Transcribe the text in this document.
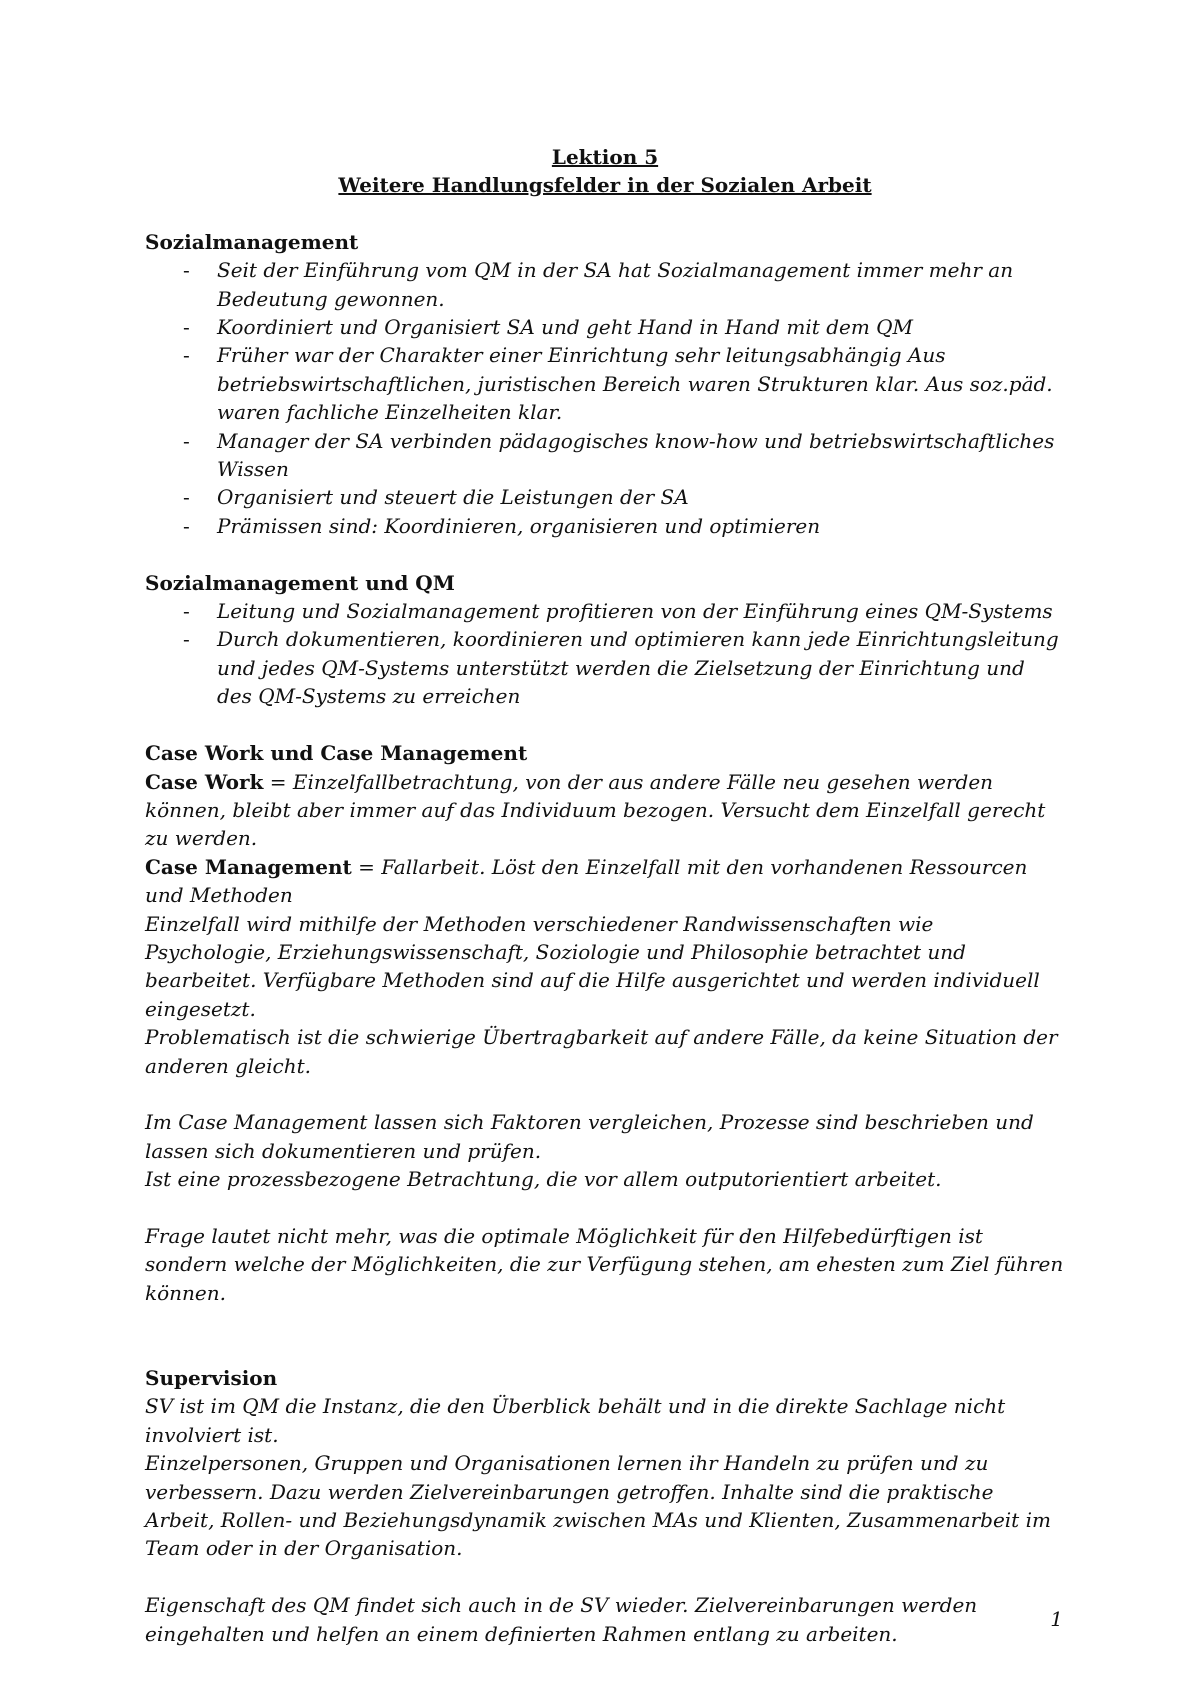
Lektion 5
Weitere Handlungsfelder in der Sozialen Arbeit
Sozialmanagement
- Seit der Einführung vom QM in der SA hat Sozialmanagement immer mehr an Bedeutung gewonnen.
- Koordiniert und Organisiert SA und geht Hand in Hand mit dem QM
- Früher war der Charakter einer Einrichtung sehr leitungsabhängig Aus betriebswirtschaftlichen, juristischen Bereich waren Strukturen klar. Aus soz.päd. waren fachliche Einzelheiten klar.
- Manager der SA verbinden pädagogisches know-how und betriebswirtschaftliches Wissen
- Organisiert und steuert die Leistungen der SA
- Prämissen sind: Koordinieren, organisieren und optimieren
Sozialmanagement und QM
- Leitung und Sozialmanagement profitieren von der Einführung eines QM-Systems
- Durch dokumentieren, koordinieren und optimieren kann jede Einrichtungsleitung und jedes QM-Systems unterstützt werden die Zielsetzung der Einrichtung und des QM-Systems zu erreichen
Case Work und Case Management

Case Work = Einzelfallbetrachtung, von der aus andere Fälle neu gesehen werden können, bleibt aber immer auf das Individuum bezogen. Versucht dem Einzelfall gerecht zu werden.

Case Management = Fallarbeit. Löst den Einzelfall mit den vorhandenen Ressourcen und Methoden

Einzelfall wird mithilfe der Methoden verschiedener Randwissenschaften wie Psychologie, Erziehungswissenschaft, Soziologie und Philosophie betrachtet und bearbeitet. Verfügbare Methoden sind auf die Hilfe ausgerichtet und werden individuell eingesetzt.

Problematisch ist die schwierige Übertragbarkeit auf andere Fälle, da keine Situation der anderen gleicht.

Im Case Management lassen sich Faktoren vergleichen, Prozesse sind beschrieben und lassen sich dokumentieren und prüfen.

Ist eine prozessbezogene Betrachtung, die vor allem outputorientiert arbeitet.

Frage lautet nicht mehr, was die optimale Möglichkeit für den Hilfebedürftigen ist sondern welche der Möglichkeiten, die zur Verfügung stehen, am ehesten zum Ziel führen können.

Supervision

SV ist im QM die Instanz, die den Überblick behält und in die direkte Sachlage nicht involviert ist.

Einzelpersonen, Gruppen und Organisationen lernen ihr Handeln zu prüfen und zu verbessern. Dazu werden Zielvereinbarungen getroffen. Inhalte sind die praktische Arbeit, Rollen- und Beziehungsdynamik zwischen MAs und Klienten, Zusammenarbeit im Team oder in der Organisation.

Eigenschaft des QM findet sich auch in de SV wieder. Zielvereinbarungen werden eingehalten und helfen an einem definierten Rahmen entlang zu arbeiten.

1
